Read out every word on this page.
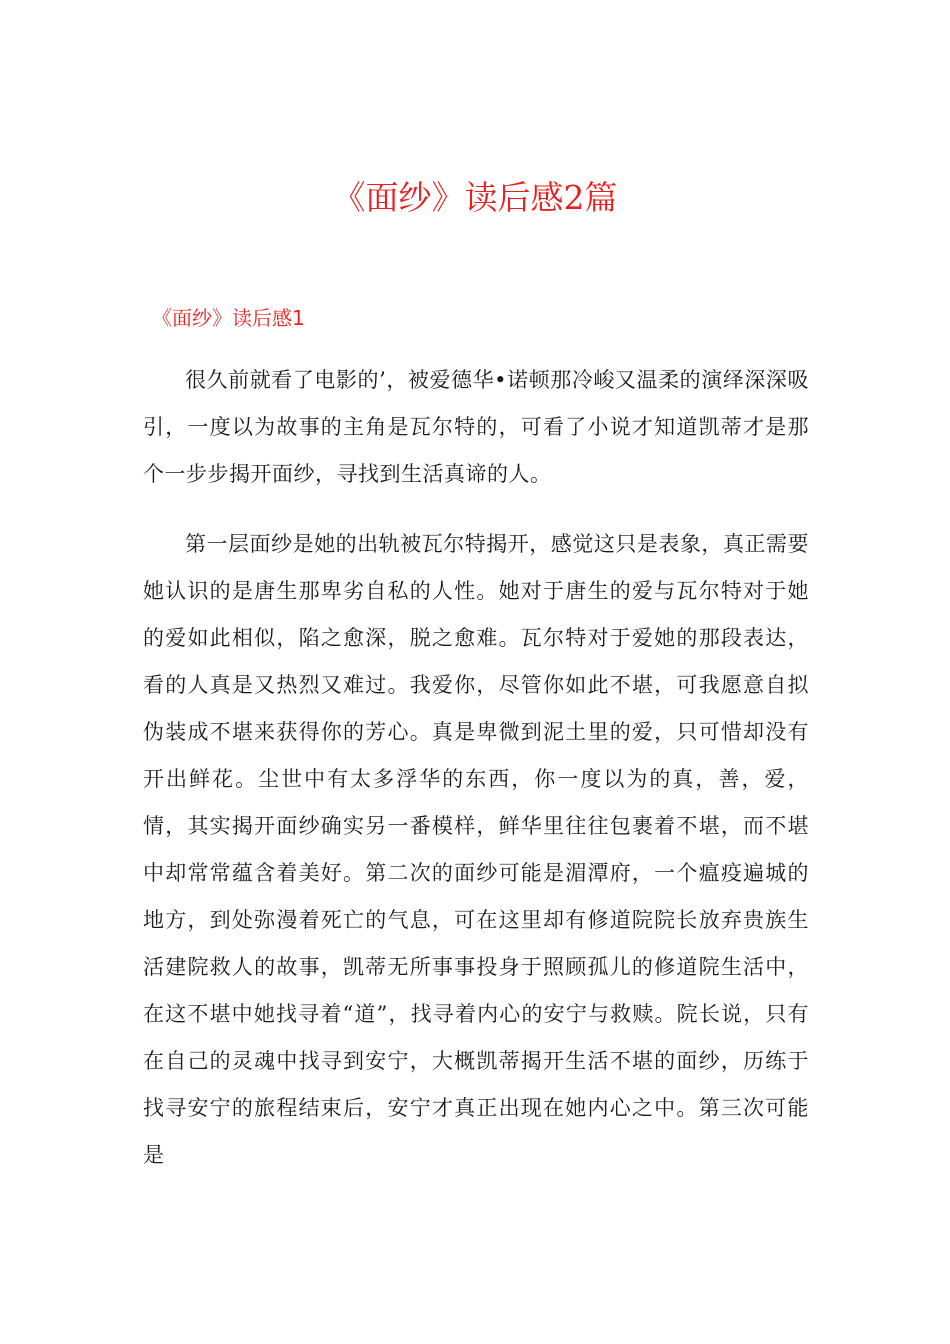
《面纱》读后感2篇
《面纱》读后感1

很久前就看了电影的’，被爱德华•诺顿那冷峻又温柔的演绎深深吸引，一度以为故事的主角是瓦尔特的，可看了小说才知道凯蒂才是那个一步步揭开面纱，寻找到生活真谛的人。

第一层面纱是她的出轨被瓦尔特揭开，感觉这只是表象，真正需要她认识的是唐生那卑劣自私的人性。她对于唐生的爱与瓦尔特对于她的爱如此相似，陷之愈深，脱之愈难。瓦尔特对于爱她的那段表达，看的人真是又热烈又难过。我爱你，尽管你如此不堪，可我愿意自拟伪装成不堪来获得你的芳心。真是卑微到泥土里的爱，只可惜却没有开出鲜花。尘世中有太多浮华的东西，你一度以为的真，善，爱，情，其实揭开面纱确实另一番模样，鲜华里往往包裹着不堪，而不堪中却常常蕴含着美好。第二次的面纱可能是湄潭府，一个瘟疫遍城的地方，到处弥漫着死亡的气息，可在这里却有修道院院长放弃贵族生活建院救人的故事，凯蒂无所事事投身于照顾孤儿的修道院生活中，在这不堪中她找寻着“道”，找寻着内心的安宁与救赎。院长说，只有在自己的灵魂中找寻到安宁，大概凯蒂揭开生活不堪的面纱，历练于找寻安宁的旅程结束后，安宁才真正出现在她内心之中。第三次可能是
